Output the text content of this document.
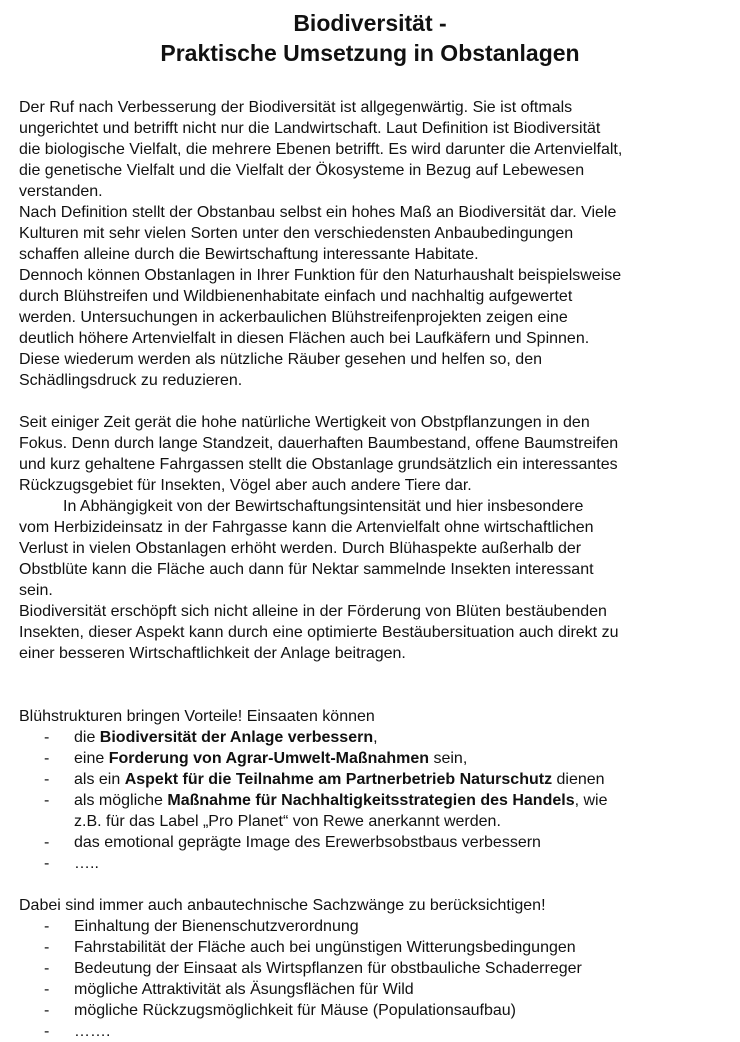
Biodiversität -
Praktische Umsetzung in Obstanlagen

Der Ruf nach Verbesserung der Biodiversität ist allgegenwärtig. Sie ist oftmals

ungerichtet und betrifft nicht nur die Landwirtschaft. Laut Definition ist Biodiversität

die biologische Vielfalt, die mehrere Ebenen betrifft. Es wird darunter die Artenvielfalt,

die genetische Vielfalt und die Vielfalt der Ökosysteme in Bezug auf Lebewesen

verstanden.

Nach Definition stellt der Obstanbau selbst ein hohes Maß an Biodiversität dar. Viele

Kulturen mit sehr vielen Sorten unter den verschiedensten Anbaubedingungen

schaffen alleine durch die Bewirtschaftung interessante Habitate.

Dennoch können Obstanlagen in Ihrer Funktion für den Naturhaushalt beispielsweise

durch Blühstreifen und Wildbienenhabitate einfach und nachhaltig aufgewertet

werden. Untersuchungen in ackerbaulichen Blühstreifenprojekten zeigen eine

deutlich höhere Artenvielfalt in diesen Flächen auch bei Laufkäfern und Spinnen.

Diese wiederum werden als nützliche Räuber gesehen und helfen so, den

Schädlingsdruck zu reduzieren.

Seit einiger Zeit gerät die hohe natürliche Wertigkeit von Obstpflanzungen in den

Fokus. Denn durch lange Standzeit, dauerhaften Baumbestand, offene Baumstreifen

und kurz gehaltene Fahrgassen stellt die Obstanlage grundsätzlich ein interessantes

Rückzugsgebiet für Insekten, Vögel aber auch andere Tiere dar.

In Abhängigkeit von der Bewirtschaftungsintensität und hier insbesondere

vom Herbizideinsatz in der Fahrgasse kann die Artenvielfalt ohne wirtschaftlichen

Verlust in vielen Obstanlagen erhöht werden. Durch Blühaspekte außerhalb der

Obstblüte kann die Fläche auch dann für Nektar sammelnde Insekten interessant

sein.

Biodiversität erschöpft sich nicht alleine in der Förderung von Blüten bestäubenden

Insekten, dieser Aspekt kann durch eine optimierte Bestäubersituation auch direkt zu

einer besseren Wirtschaftlichkeit der Anlage beitragen.

Blühstrukturen bringen Vorteile! Einsaaten können

- die Biodiversität der Anlage verbessern,
- eine Forderung von Agrar-Umwelt-Maßnahmen sein,
- als ein Aspekt für die Teilnahme am Partnerbetrieb Naturschutz dienen
- als mögliche Maßnahme für Nachhaltigkeitsstrategien des Handels, wie
z.B. für das Label „Pro Planet“ von Rewe anerkannt werden.
- das emotional geprägte Image des Erewerbsobstbaus verbessern
- …..

Dabei sind immer auch anbautechnische Sachzwänge zu berücksichtigen!

- Einhaltung der Bienenschutzverordnung
- Fahrstabilität der Fläche auch bei ungünstigen Witterungsbedingungen
- Bedeutung der Einsaat als Wirtspflanzen für obstbauliche Schaderreger
- mögliche Attraktivität als Äsungsflächen für Wild
- mögliche Rückzugsmöglichkeit für Mäuse (Populationsaufbau)
- …….
